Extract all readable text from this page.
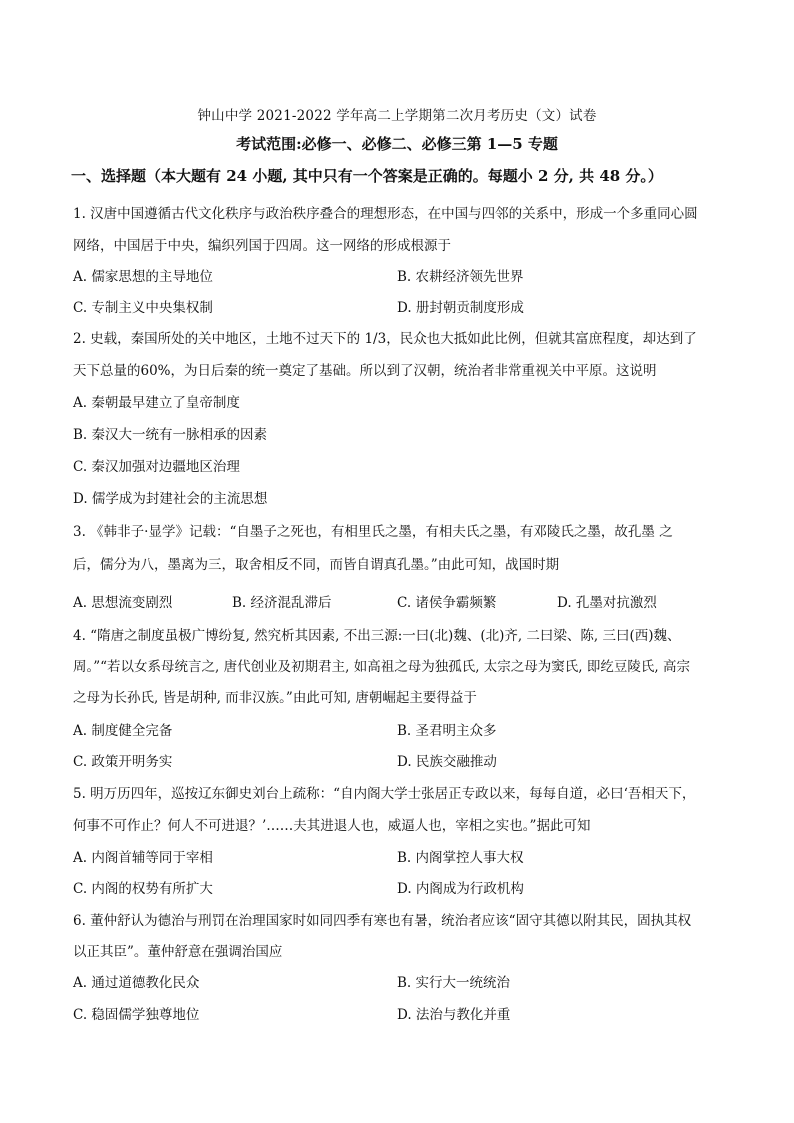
钟山中学 2021-2022 学年高二上学期第二次月考历史（文）试卷
考试范围:必修一、必修二、必修三第 1—5 专题
一、选择题（本大题有 24 小题, 其中只有一个答案是正确的。每题小 2 分, 共 48 分。）
1. 汉唐中国遵循古代文化秩序与政治秩序叠合的理想形态，在中国与四邻的关系中，形成一个多重同心圆
网络，中国居于中央，编织列国于四周。这一网络的形成根源于
A. 儒家思想的主导地位	B. 农耕经济领先世界
C. 专制主义中央集权制	D. 册封朝贡制度形成
2. 史载，秦国所处的关中地区，土地不过天下的 1/3，民众也大抵如此比例，但就其富庶程度，却达到了
天下总量的60%，为日后秦的统一奠定了基础。所以到了汉朝，统治者非常重视关中平原。这说明
A. 秦朝最早建立了皇帝制度
B. 秦汉大一统有一脉相承的因素
C. 秦汉加强对边疆地区治理
D. 儒学成为封建社会的主流思想
3. 《韩非子·显学》记载：“自墨子之死也，有相里氏之墨，有相夫氏之墨，有邓陵氏之墨，故孔墨 之
后，儒分为八，墨离为三，取舍相反不同，而皆自谓真孔墨。”由此可知，战国时期
A. 思想流变剧烈	B. 经济混乱滞后	C. 诸侯争霸频繁	D. 孔墨对抗激烈
4. “隋唐之制度虽极广博纷复, 然究析其因素, 不出三源:一曰(北)魏、(北)齐, 二曰梁、陈, 三曰(西)魏、
周。”“若以女系母统言之, 唐代创业及初期君主, 如高祖之母为独孤氏, 太宗之母为窦氏, 即纥豆陵氏, 高宗
之母为长孙氏, 皆是胡种, 而非汉族。”由此可知, 唐朝崛起主要得益于
A. 制度健全完备	B. 圣君明主众多
C. 政策开明务实	D. 民族交融推动
5. 明万历四年，巡按辽东御史刘台上疏称：“自内阁大学士张居正专政以来，每每自道，必曰‘吾相天下，
何事不可作止？何人不可进退？’……夫其进退人也，威逼人也，宰相之实也。”据此可知
A. 内阁首辅等同于宰相	B. 内阁掌控人事大权
C. 内阁的权势有所扩大	D. 内阁成为行政机构
6. 董仲舒认为德治与刑罚在治理国家时如同四季有寒也有暑，统治者应该“固守其德以附其民，固执其权
以正其臣”。董仲舒意在强调治国应
A. 通过道德教化民众	B. 实行大一统统治
C. 稳固儒学独尊地位	D. 法治与教化并重
